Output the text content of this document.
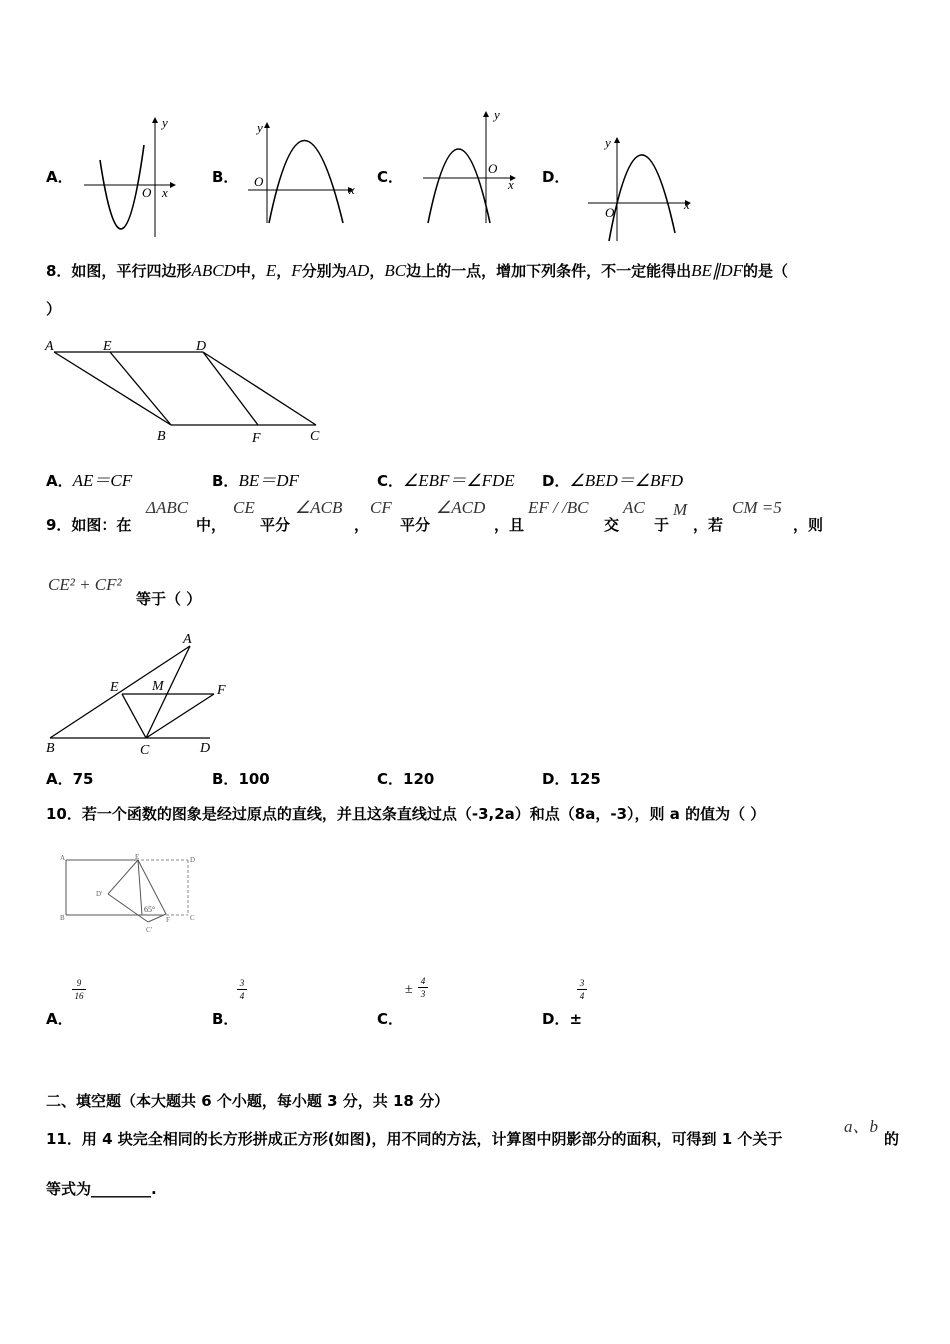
A．
y
x
O
B．
y
x
O	C．
y
x
O	D．
y
x
O
8．如图，平行四边形ABCD中，E，F分别为AD，BC边上的一点，增加下列条件，不一定能得出BE∥DF的是（
）
A	E	D
B	F	C
A．AE＝CF	B．BE＝DF	C．∠EBF＝∠FDE D．∠BED＝∠BFD
9．如图：在
ΔABC
中，
CE
平分
∠ACB
，
CF
平分
∠ACD
，且
EF / /BC
交
AC
于
M
，若
CM =5
，则
CE² + CF²
等于（ ）
A
E M	F
B	C	D
A．75	B．100	C．120	D．125
10．若一个函数的图象是经过原点的直线，并且这条直线过点（-3,2a）和点（8a，-3），则 a 的值为（ ）
A	E	D
D′
B	C
F
C′
65°
9
16
A．
3
4
B．
±
4
3
C．
3
4
D．±
二、填空题（本大题共 6 个小题，每小题 3 分，共 18 分）
11．用 4 块完全相同的长方形拼成正方形(如图)，用不同的方法，计算图中阴影部分的面积，可得到 1 个关于
a、b
的
等式为________.
